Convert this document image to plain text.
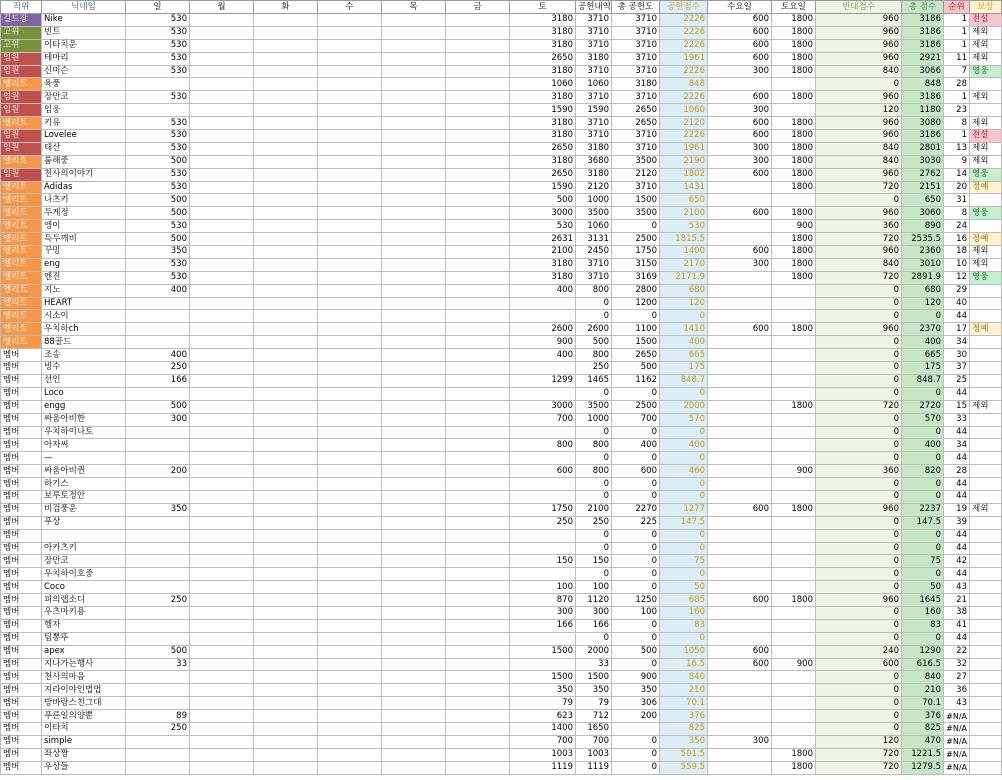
직위	닉네임	일	월	화	수	목	금	토	공헌내역	총 공헌도	공헌점수	수요일	토요일	빈대점수	총 점수	순위	보상
길드장	Nike	530						3180	3710	3710	2226	600	1800	960	3186	1	전설
고위	빈트	530						3180	3710	3710	2226	600	1800	960	3186	1	제외
고위	이타치운	530						3180	3710	3710	2226	600	1800	960	3186	1	제외
임원	테마리	530						2650	3180	3710	1961	600	1800	960	2921	11	제외
임원	신미슨	530						3180	3710	3710	2226	300	1800	840	3066	7	영웅
엘리트	육풍							1060	1060	3180	848			0	848	28	
임원	장만코	530						3180	3710	3710	2226	600	1800	960	3186	1	제외
임원	임웅							1590	1590	2650	1060	300		120	1180	23	
엘리트	키유	530						3180	3710	2650	2120	600	1800	960	3080	8	제외
임원	Lovelee	530						3180	3710	3710	2226	600	1800	960	3186	1	전설
임원	태산	530						2650	3180	3710	1961	300	1800	840	2801	13	제외
엘리트	룸해중	500						3180	3680	3500	2190	300	1800	840	3030	9	제외
임원	천사의이야기	530						2650	3180	2120	1802	600	1800	960	2762	14	영웅
엘리트	Adidas	530						1590	2120	3710	1431		1800	720	2151	20	정예
엘리트	나츠키	500						500	1000	1500	650			0	650	31	
엘리트	두게정	500						3000	3500	3500	2100	600	1800	960	3060	8	영웅
엘리트	엥이	530						530	1060	0	530		900	360	890	24	
엘리트	득두깨비	500						2631	3131	2500	1815.5		1800	720	2535.5	16	정예
엘리트	꾸밍	350						2100	2450	1750	1400	600	1800	960	2360	18	제외
엘리트	eng	530						3180	3710	3150	2170	300	1800	840	3010	10	제외
엘리트	엔진	530						3180	3710	3169	2171.9		1800	720	2891.9	12	영웅
엘리트	지노	400						400	800	2800	680			0	680	29	
엘리트	HEART								0	1200	120			0	120	40	
엘리트	시소이								0	0	0			0	0	44	
엘리트	우치하ch							2600	2600	1100	1410	600	1800	960	2370	17	정예
엘리트	88골드							900	500	1500	400			0	400	34	
멤버	조송	400						400	800	2650	665			0	665	30	
멤버	빙수	250							250	500	175			0	175	37	
멤버	선인	166						1299	1465	1162	848.7			0	848.7	25	
멤버	Loco								0	0	0			0	0	44	
멤버	engg	500						3000	3500	2500	2000		1800	720	2720	15	제외
멤버	싸움아비한	300						700	1000	700	570			0	570	33	
멤버	우치하이나토								0	0	0			0	0	44	
멤버	아자씨							800	800	400	400			0	400	34	
멤버	—								0	0	0			0	0	44	
멤버	싸움아비퀸	200						600	800	600	460		900	360	820	28	
멤버	하기스								0	0	0			0	0	44	
멤버	보루토정안								0	0	0			0	0	44	
멤버	비검풍운	350						1750	2100	2270	1277	600	1800	960	2237	19	제외
멤버	푸상							250	250	225	147.5			0	147.5	39	
멤버									0	0	0			0	0	44	
멤버	아카츠키								0	0	0			0	0	44	
멤버	장만코							150	150	0	75			0	75	42	
멤버	우치하이호중								0	0	0			0	0	44	
멤버	Coco							100	100	0	50			0	50	43	
멤버	피의랩소디	250						870	1120	1250	685	600	1800	960	1645	21	
멤버	우츠마키용							300	300	100	160			0	160	38	
멤버	헹자							166	166	0	83			0	83	41	
멤버	팀뽕뚜								0	0	0			0	0	44	
멤버	apex	500						1500	2000	500	1050	600		240	1290	22	
멤버	지나가는행사	33							33	0	16.5	600	900	600	616.5	32	
멤버	천사의마음							1500	1500	900	840			0	840	27	
멤버	지라이야인법법							350	350	350	210			0	210	36	
멤버	방바랑스친그대							79	79	306	70.1			0	70.1	43	
멤버	푸른일의양뿐	89						623	712	200	376			0	376	#N/A	
멤버	이타치	250						1400	1650		825			0	825	#N/A	
멤버	simple							700	700	0	350	300		120	470	#N/A	
멤버	좌상짱							1003	1003	0	501.5		1800	720	1221.5	#N/A	
멤버	우상들							1119	1119	0	559.5		1800	720	1279.5	#N/A	
